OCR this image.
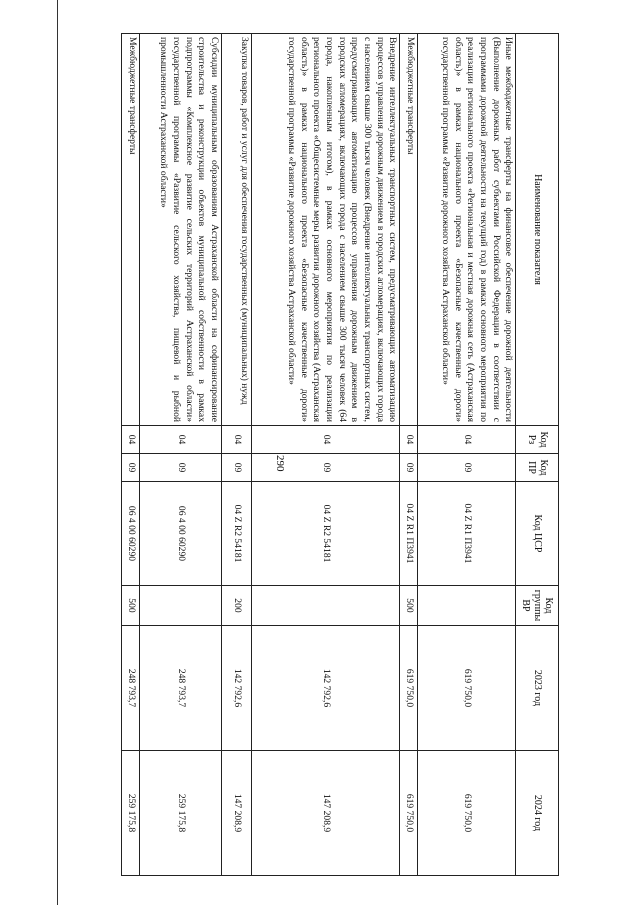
290
Наименование показателя	Код Рз	Код ПР	Код ЦСР	Код группы ВР	2023 год	2024 год
Иные межбюджетные трансферты на финансовое обеспечение дорожной деятельности (Выполнение дорожных работ субъектами Российской Федерации в соответствии с программами дорожной деятельности на текущий год) в рамках основного мероприятия по реализации регионального проекта «Региональная и местная дорожная сеть (Астраханская область)» в рамках национального проекта «Безопасные качественные дороги» государственной программы «Развитие дорожного хозяйства Астраханской области»	04	09	04 Z R1 П3941		619 750,0	619 750,0
Межбюджетные трансферты	04	09	04 Z R1 П3941	500	619 750,0	619 750,0
Внедрение интеллектуальных транспортных систем, предусматривающих автоматизацию процессов управления дорожным движением в городских агломерациях, включающих города с населением свыше 300 тысяч человек (Внедрение интеллектуальных транспортных систем, предусматривающих автоматизацию процессов управления дорожным движением в городских агломерациях, включающих города с населением свыше 300 тысяч человек (64 города, накопленным итогом), в рамках основного мероприятия по реализации регионального проекта «Общесистемные меры развития дорожного хозяйства (Астраханская область)» в рамках национального проекта «Безопасные качественные дороги» государственной программы «Развитие дорожного хозяйства Астраханской области»	04	09	04 Z R2 54181		142 792,6	147 208,9
Закупка товаров, работ и услуг для обеспечения государственных (муниципальных) нужд	04	09	04 Z R2 54181	200	142 792,6	147 208,9
Субсидии муниципальным образованиям Астраханской области на софинансирование строительства и реконструкции объектов муниципальной собственности в рамках подпрограммы «Комплексное развитие сельских территорий Астраханской области» государственной программы «Развитие сельского хозяйства, пищевой и рыбной промышленности Астраханской области»	04	09	06 4 00 60290		248 793,7	259 175,8
Межбюджетные трансферты	04	09	06 4 00 60290	500	248 793,7	259 175,8
